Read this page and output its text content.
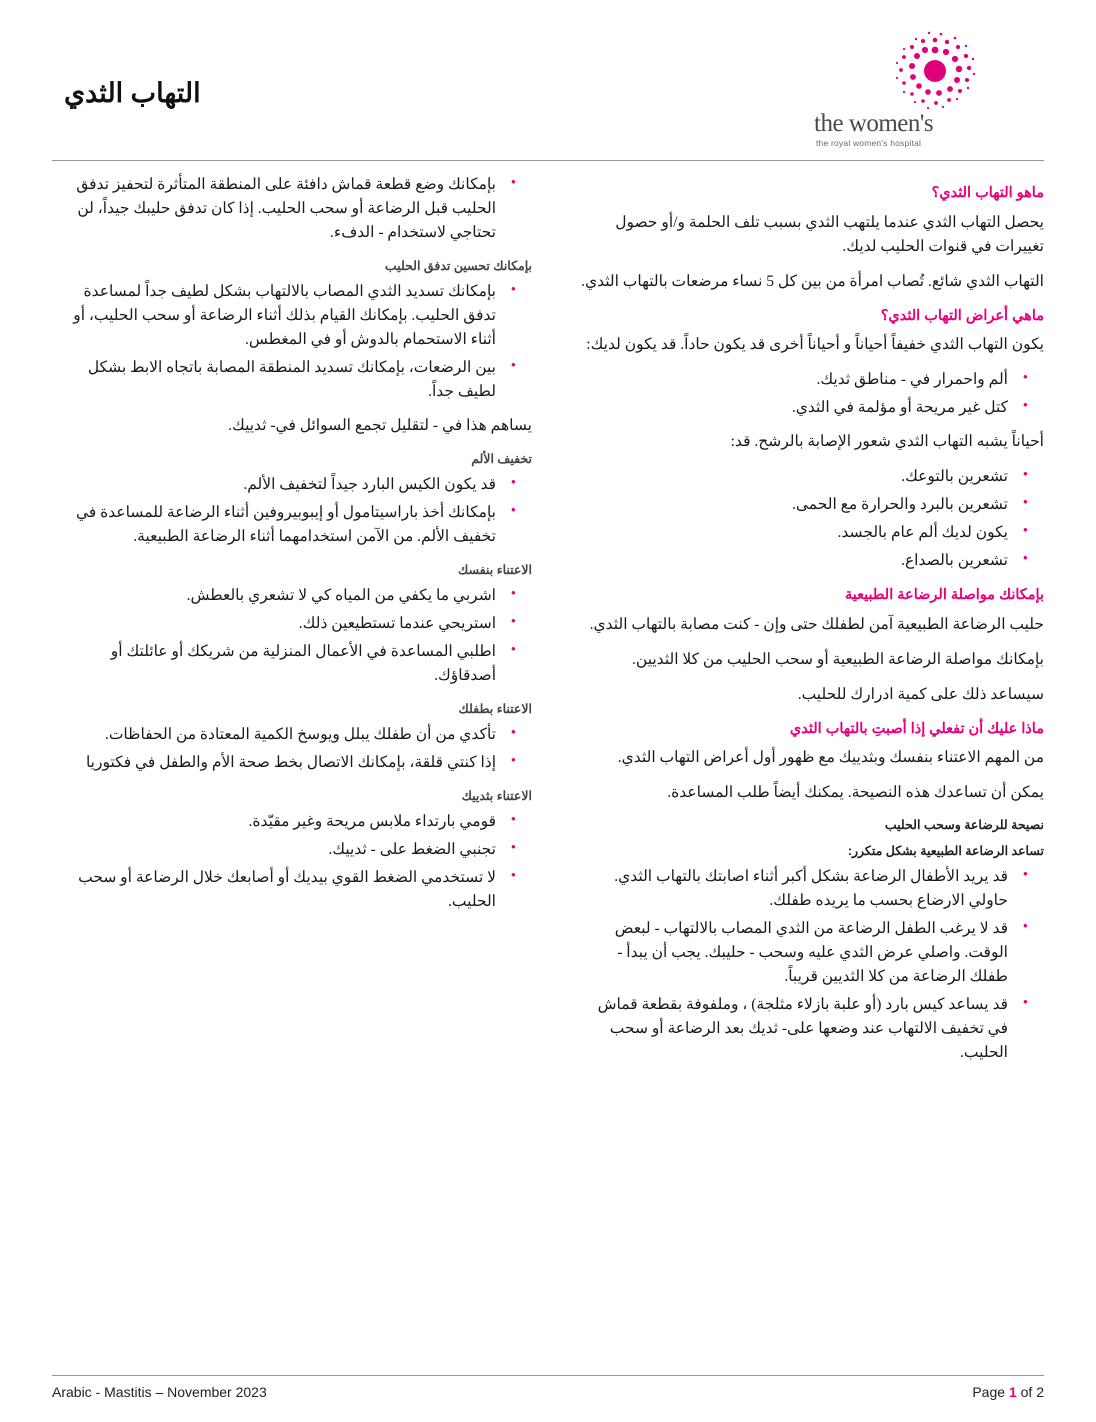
التهاب الثدي
the women's
the royal women's hospital
ماهو التهاب الثدي؟

يحصل التهاب الثدي عندما يلتهب الثدي بسبب تلف الحلمة و/أو حصول تغييرات في قنوات الحليب لديك.

التهاب الثدي شائع. تُصاب امرأة من بين كل 5 نساء مرضعات بالتهاب الثدي.

ماهي أعراض التهاب الثدي؟

يكون التهاب الثدي خفيفاً أحياناً و أحياناً أخرى قد يكون حاداً. قد يكون لديك:

• ألم واحمرار في - مناطق ثديك.
• كتل غير مريحة أو مؤلمة في الثدي.

أحياناً يشبه التهاب الثدي شعور الإصابة بالرشح. قد:

• تشعرين بالتوعك.
• تشعرين بالبرد والحرارة مع الحمى.
• يكون لديك ألم عام بالجسد.
• تشعرين بالصداع.
بإمكانك مواصلة الرضاعة الطبيعية

حليب الرضاعة الطبيعية آمن لطفلك حتى وإن - كنت مصابة بالتهاب الثدي.

بإمكانك مواصلة الرضاعة الطبيعية أو سحب الحليب من كلا الثديين.

سيساعد ذلك على كمية ادرارك للحليب.

ماذا عليك أن تفعلي إذا أصبتِ بالتهاب الثدي

من المهم الاعتناء بنفسك وبثدييك مع ظهور أول أعراض التهاب الثدي.

يمكن أن تساعدك هذه النصيحة. يمكنك أيضاً طلب المساعدة.

نصيحة للرضاعة وسحب الحليب
تساعد الرضاعة الطبيعية بشكل متكرر:
• قد يريد الأطفال الرضاعة بشكل أكبر أثناء اصابتك بالتهاب الثدي. حاولي الارضاع بحسب ما يريده طفلك.
• قد لا يرغب الطفل الرضاعة من الثدي المصاب بالالتهاب - لبعض الوقت. واصلي عرض الثدي عليه وسحب - حليبك. يجب أن يبدأ - طفلك الرضاعة من كلا الثديين قريباً.
• قد يساعد كيس بارد (أو علبة بازلاء مثلجة) ، وملفوفة بقطعة قماش في تخفيف الالتهاب عند وضعها على- ثديك بعد الرضاعة أو سحب الحليب.
• بإمكانك وضع قطعة قماش دافئة على المنطقة المتأثرة لتحفيز تدفق الحليب قبل الرضاعة أو سحب الحليب. إذا كان تدفق حليبك جيداً، لن تحتاجي لاستخدام - الدفء.
بإمكانك تحسين تدفق الحليب
• بإمكانك تسديد الثدي المصاب بالالتهاب بشكل لطيف جداً لمساعدة تدفق الحليب. بإمكانك القيام بذلك أثناء الرضاعة أو سحب الحليب، أو أثناء الاستحمام بالدوش أو في المغطس.
• بين الرضعات، بإمكانك تسديد المنطقة المصابة باتجاه الابط بشكل لطيف جداً.

يساهم هذا في - لتقليل تجمع السوائل في- ثدييك.

تخفيف الألم
• قد يكون الكيس البارد جيداً لتخفيف الألم.
• بإمكانك أخذ باراسيتامول أو إيبوبيروفين أثناء الرضاعة للمساعدة في تخفيف الألم. من الآمن استخدامهما أثناء الرضاعة الطبيعية.
الاعتناء بنفسك
• اشربي ما يكفي من المياه كي لا تشعري بالعطش.
• استريحي عندما تستطيعين ذلك.
• اطلبي المساعدة في الأعمال المنزلية من شريكك أو عائلتك أو أصدقاؤك.
الاعتناء بطفلك
• تأكدي من أن طفلك يبلل ويوسخ الكمية المعتادة من الحفاظات.
• إذا كنتي قلقة، بإمكانك الاتصال بخط صحة الأم والطفل في فكتوريا
الاعتناء بثدييك
• قومي بارتداء ملابس مريحة وغير مقيّدة.
• تجنبي الضغط على - ثدييك.
• لا تستخدمي الضغط القوي بيديك أو أصابعك خلال الرضاعة أو سحب الحليب.
Arabic - Mastitis – November 2023	Page 1 of 2
